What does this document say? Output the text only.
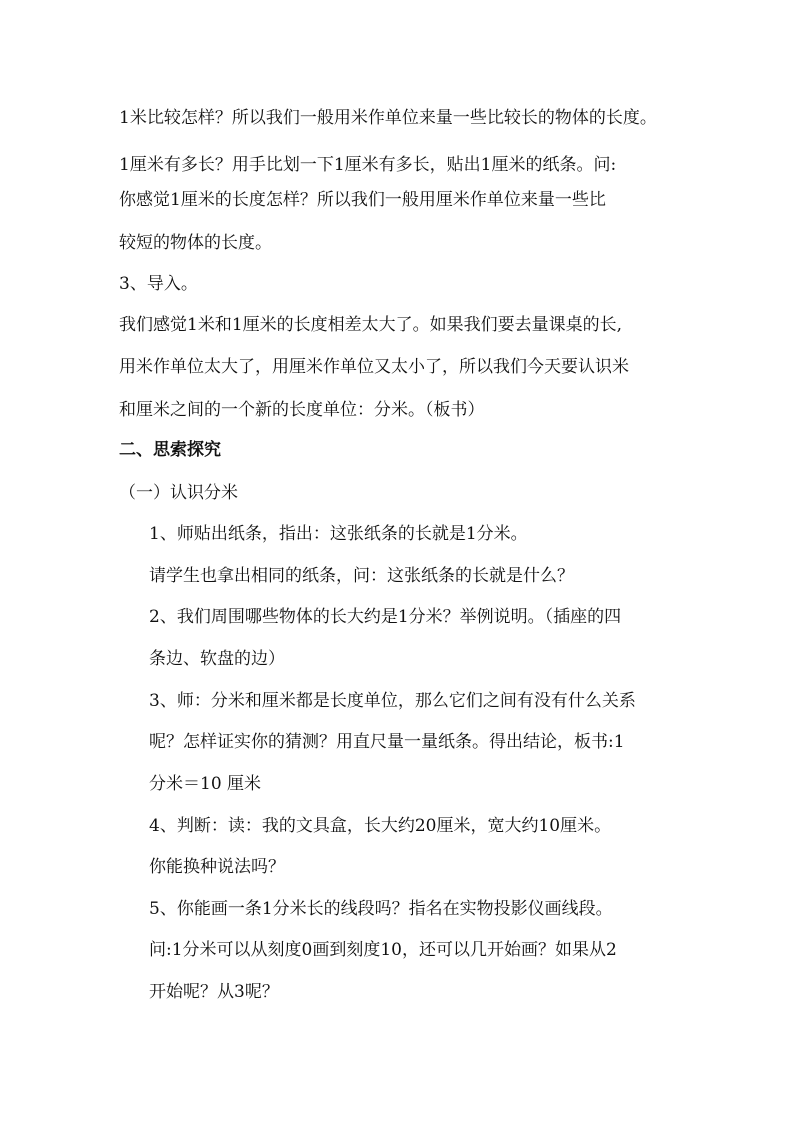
1米比较怎样？所以我们一般用米作单位来量一些比较长的物体的长度。
1厘米有多长？用手比划一下1厘米有多长，贴出1厘米的纸条。问:
你感觉1厘米的长度怎样？所以我们一般用厘米作单位来量一些比
较短的物体的长度。
3、导入。
我们感觉1米和1厘米的长度相差太大了。如果我们要去量课桌的长,
用米作单位太大了，用厘米作单位又太小了，所以我们今天要认识米
和厘米之间的一个新的长度单位：分米。（板书）
二、思索探究
（一）认识分米
1、师贴出纸条，指出：这张纸条的长就是1分米。
请学生也拿出相同的纸条，问：这张纸条的长就是什么？
2、我们周围哪些物体的长大约是1分米？举例说明。（插座的四
条边、软盘的边）
3、师：分米和厘米都是长度单位，那么它们之间有没有什么关系
呢？怎样证实你的猜测？用直尺量一量纸条。得出结论，板书:1
分米＝10 厘米
4、判断：读：我的文具盒，长大约20厘米，宽大约10厘米。
你能换种说法吗？
5、你能画一条1分米长的线段吗？指名在实物投影仪画线段。
问:1分米可以从刻度0画到刻度10，还可以几开始画？如果从2
开始呢？从3呢？
